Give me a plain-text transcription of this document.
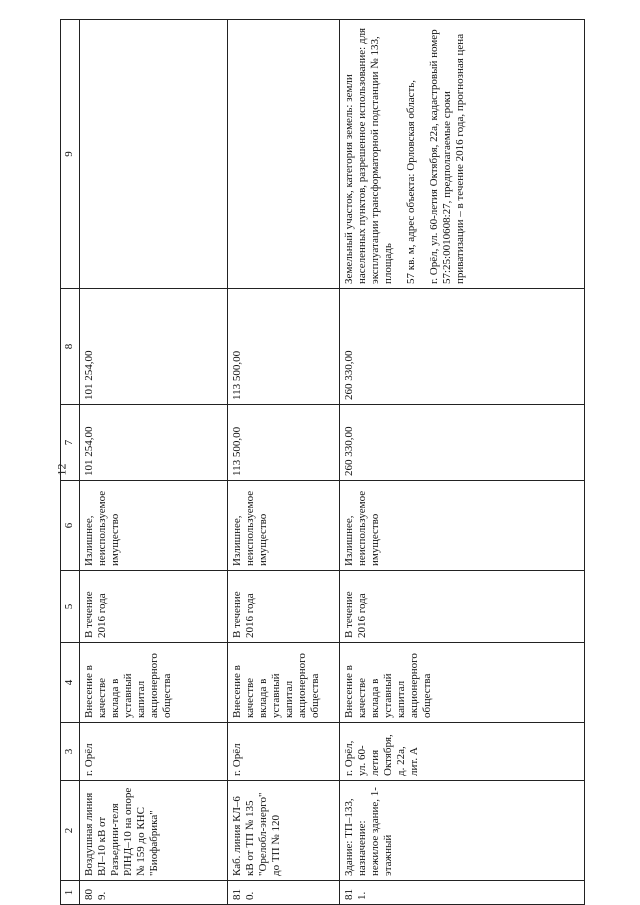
12
1	2	3	4	5	6	7	8	9
809.	Воздушная линия ВЛ–10 кВ от Разъедини-теля РЛНД–10 на опоре № 159 до КНС "Биофабрика"	г. Орёл	Внесение в качестве вклада в уставный капитал акционерного общества	В течение 2016 года	Излишнее, неиспользуемое имущество	101 254,00	101 254,00	
810.	Каб. линия КЛ–6 кВ от ТП № 135 "Орелобл-энерго" до ТП № 120	г. Орёл	Внесение в качестве вклада в уставный капитал акционерного общества	В течение 2016 года	Излишнее, неиспользуемое имущество	113 500,00	113 500,00	
811.	Здание: ТП–133, назначение: нежилое здание, 1-этажный	г. Орёл, ул. 60-летия Октября, д. 22а, лит. А	Внесение в качестве вклада в уставный капитал акционерного общества	В течение 2016 года	Излишнее, неиспользуемое имущество	260 330,00	260 330,00	Земельный участок, категория земель: земли населенных пунктов, разрешенное использование: для эксплуатации трансформаторной подстанции № 133, площадь 57 кв. м, адрес объекта: Орловская область, г. Орёл, ул. 60-летия Октября, 22а, кадастровый номер 57:25:0010608:27, предполагаемые сроки приватизации – в течение 2016 года, прогнозная цена
